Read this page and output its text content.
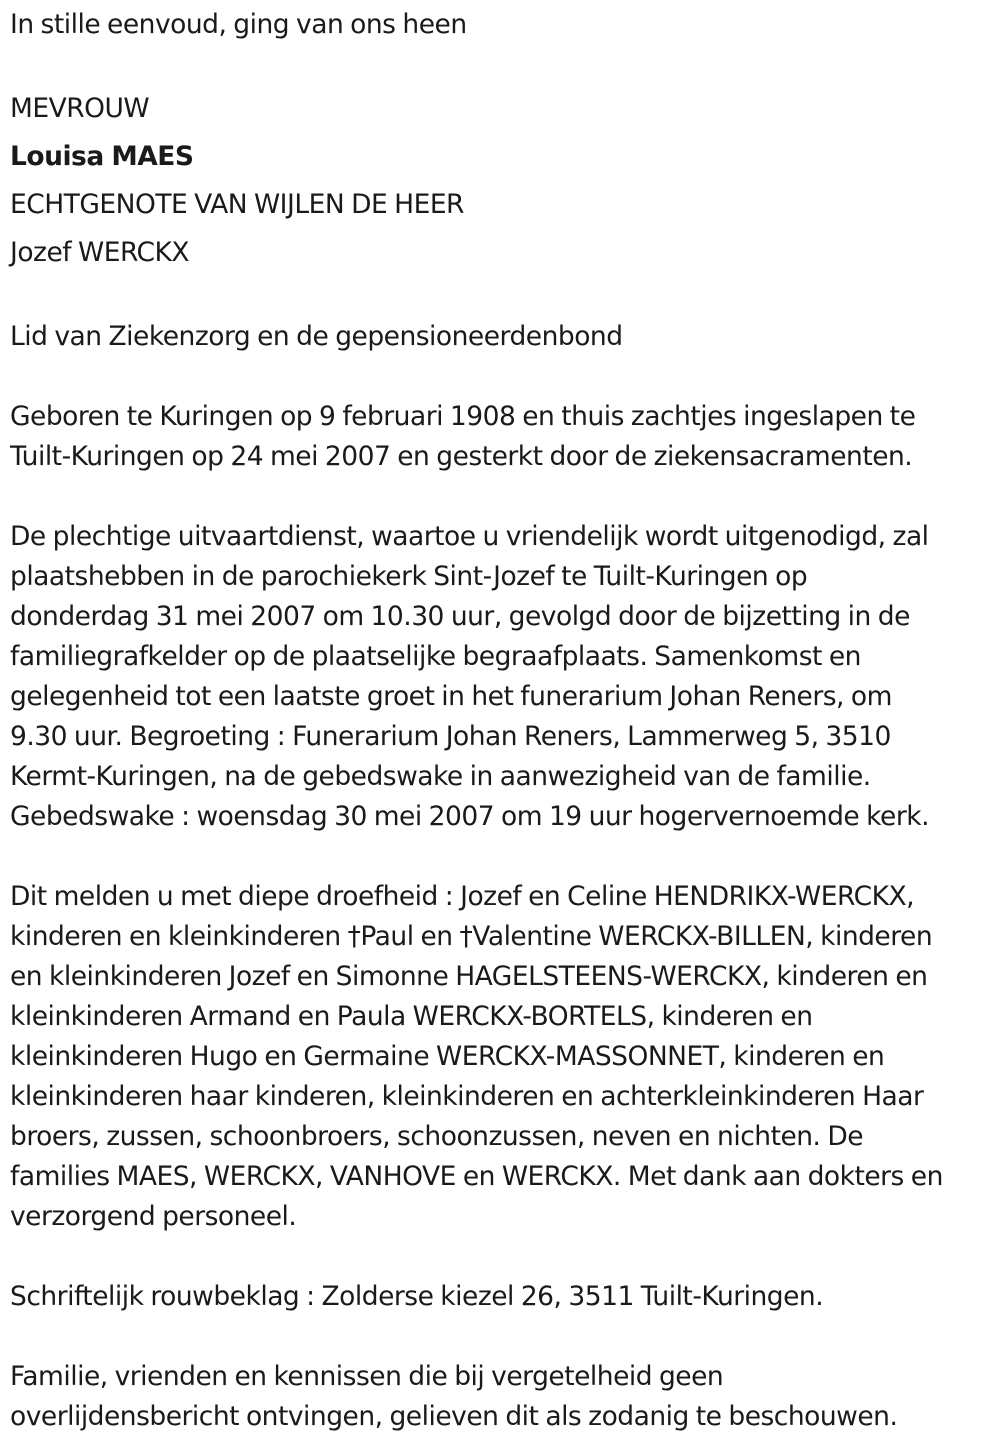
In stille eenvoud, ging van ons heen
MEVROUW
Louisa MAES
ECHTGENOTE VAN WIJLEN DE HEER
Jozef WERCKX
Lid van Ziekenzorg en de gepensioneerdenbond

Geboren te Kuringen op 9 februari 1908 en thuis zachtjes ingeslapen te

Tuilt-Kuringen op 24 mei 2007 en gesterkt door de ziekensacramenten.

De plechtige uitvaartdienst, waartoe u vriendelijk wordt uitgenodigd, zal

plaatshebben in de parochiekerk Sint-Jozef te Tuilt-Kuringen op

donderdag 31 mei 2007 om 10.30 uur, gevolgd door de bijzetting in de

familiegrafkelder op de plaatselijke begraafplaats. Samenkomst en

gelegenheid tot een laatste groet in het funerarium Johan Reners, om

9.30 uur. Begroeting : Funerarium Johan Reners, Lammerweg 5, 3510

Kermt-Kuringen, na de gebedswake in aanwezigheid van de familie.

Gebedswake : woensdag 30 mei 2007 om 19 uur hogervernoemde kerk.

Dit melden u met diepe droefheid : Jozef en Celine HENDRIKX-WERCKX,

kinderen en kleinkinderen †Paul en †Valentine WERCKX-BILLEN, kinderen

en kleinkinderen Jozef en Simonne HAGELSTEENS-WERCKX, kinderen en

kleinkinderen Armand en Paula WERCKX-BORTELS, kinderen en

kleinkinderen Hugo en Germaine WERCKX-MASSONNET, kinderen en

kleinkinderen haar kinderen, kleinkinderen en achterkleinkinderen Haar

broers, zussen, schoonbroers, schoonzussen, neven en nichten. De

families MAES, WERCKX, VANHOVE en WERCKX. Met dank aan dokters en

verzorgend personeel.

Schriftelijk rouwbeklag : Zolderse kiezel 26, 3511 Tuilt-Kuringen.

Familie, vrienden en kennissen die bij vergetelheid geen

overlijdensbericht ontvingen, gelieven dit als zodanig te beschouwen.
